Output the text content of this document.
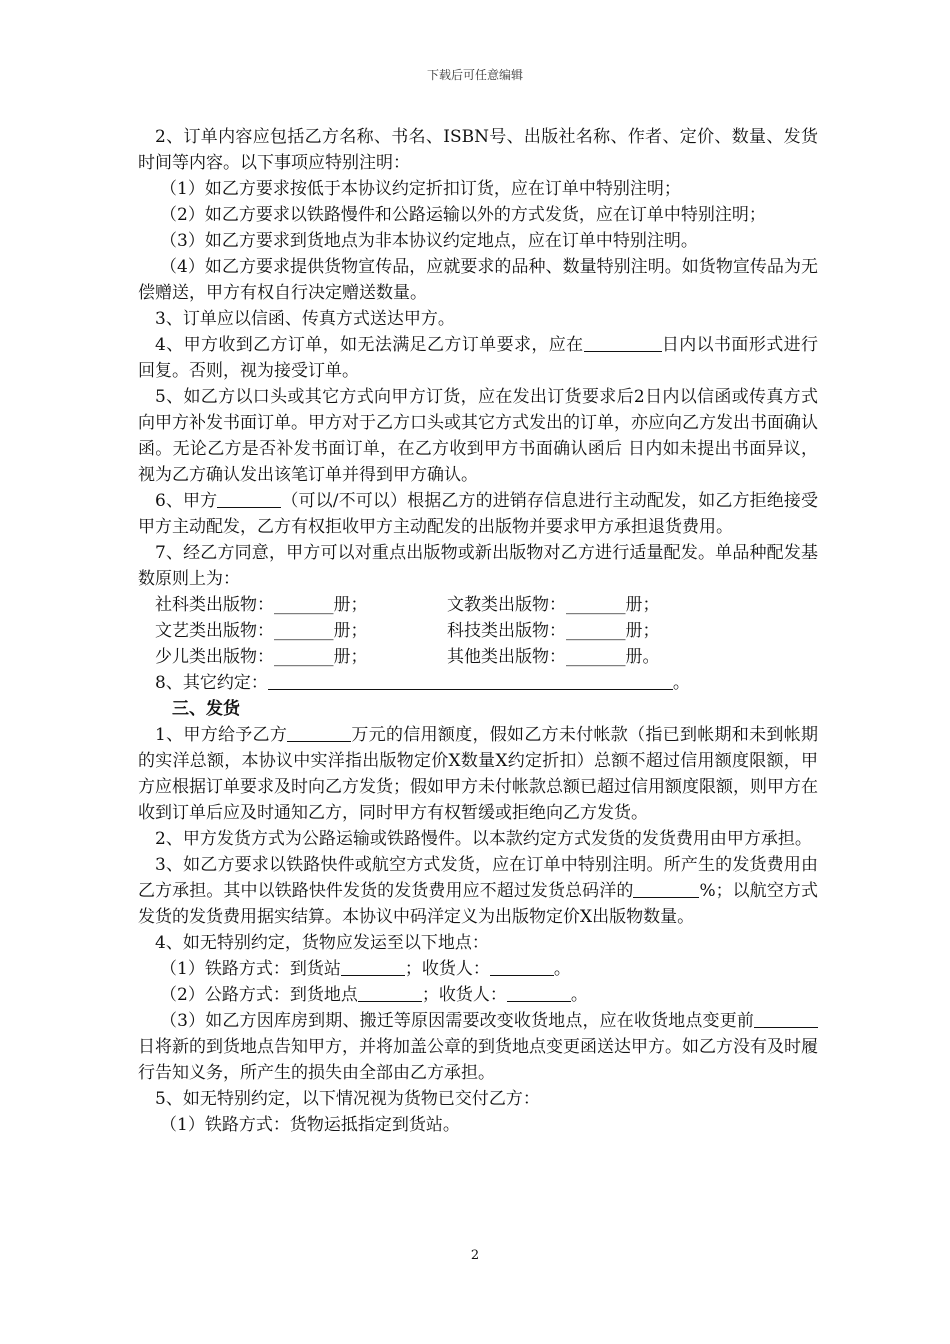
下载后可任意编辑

2、订单内容应包括乙方名称、书名、ISBN号、出版社名称、作者、定价、数量、发货时间等内容。以下事项应特别注明：

（1）如乙方要求按低于本协议约定折扣订货，应在订单中特别注明；

（2）如乙方要求以铁路慢件和公路运输以外的方式发货，应在订单中特别注明；

（3）如乙方要求到货地点为非本协议约定地点，应在订单中特别注明。

（4）如乙方要求提供货物宣传品，应就要求的品种、数量特别注明。如货物宣传品为无偿赠送，甲方有权自行决定赠送数量。

3、订单应以信函、传真方式送达甲方。

4、甲方收到乙方订单，如无法满足乙方订单要求，应在	日内以书面形式进行回复。否则，视为接受订单。

5、如乙方以口头或其它方式向甲方订货，应在发出订货要求后2日内以信函或传真方式向甲方补发书面订单。甲方对于乙方口头或其它方式发出的订单，亦应向乙方发出书面确认函。无论乙方是否补发书面订单，在乙方收到甲方书面确认函后 日内如未提出书面异议，视为乙方确认发出该笔订单并得到甲方确认。

6、甲方	（可以/不可以）根据乙方的进销存信息进行主动配发，如乙方拒绝接受甲方主动配发，乙方有权拒收甲方主动配发的出版物并要求甲方承担退货费用。

7、经乙方同意，甲方可以对重点出版物或新出版物对乙方进行适量配发。单品种配发基数原则上为：

社科类出版物：_______册；	文教类出版物：_______册；
文艺类出版物：_______册；	科技类出版物：_______册；
少儿类出版物：_______册；	其他类出版物：_______册。

8、其它约定：	。

三、发货

1、甲方给予乙方	万元的信用额度，假如乙方未付帐款（指已到帐期和未到帐期的实洋总额，本协议中实洋指出版物定价X数量X约定折扣）总额不超过信用额度限额，甲方应根据订单要求及时向乙方发货；假如甲方未付帐款总额已超过信用额度限额，则甲方在收到订单后应及时通知乙方，同时甲方有权暂缓或拒绝向乙方发货。

2、甲方发货方式为公路运输或铁路慢件。以本款约定方式发货的发货费用由甲方承担。

3、如乙方要求以铁路快件或航空方式发货，应在订单中特别注明。所产生的发货费用由乙方承担。其中以铁路快件发货的发货费用应不超过发货总码洋的	%；以航空方式发货的发货费用据实结算。本协议中码洋定义为出版物定价X出版物数量。

4、如无特别约定，货物应发运至以下地点：

（1）铁路方式：到货站	；收货人：	。

（2）公路方式：到货地点	；收货人：	。

（3）如乙方因库房到期、搬迁等原因需要改变收货地点，应在收货地点变更前日将新的到货地点告知甲方，并将加盖公章的到货地点变更函送达甲方。如乙方没有及时履行告知义务，所产生的损失由全部由乙方承担。

5、如无特别约定，以下情况视为货物已交付乙方：

（1）铁路方式：货物运抵指定到货站。

2
